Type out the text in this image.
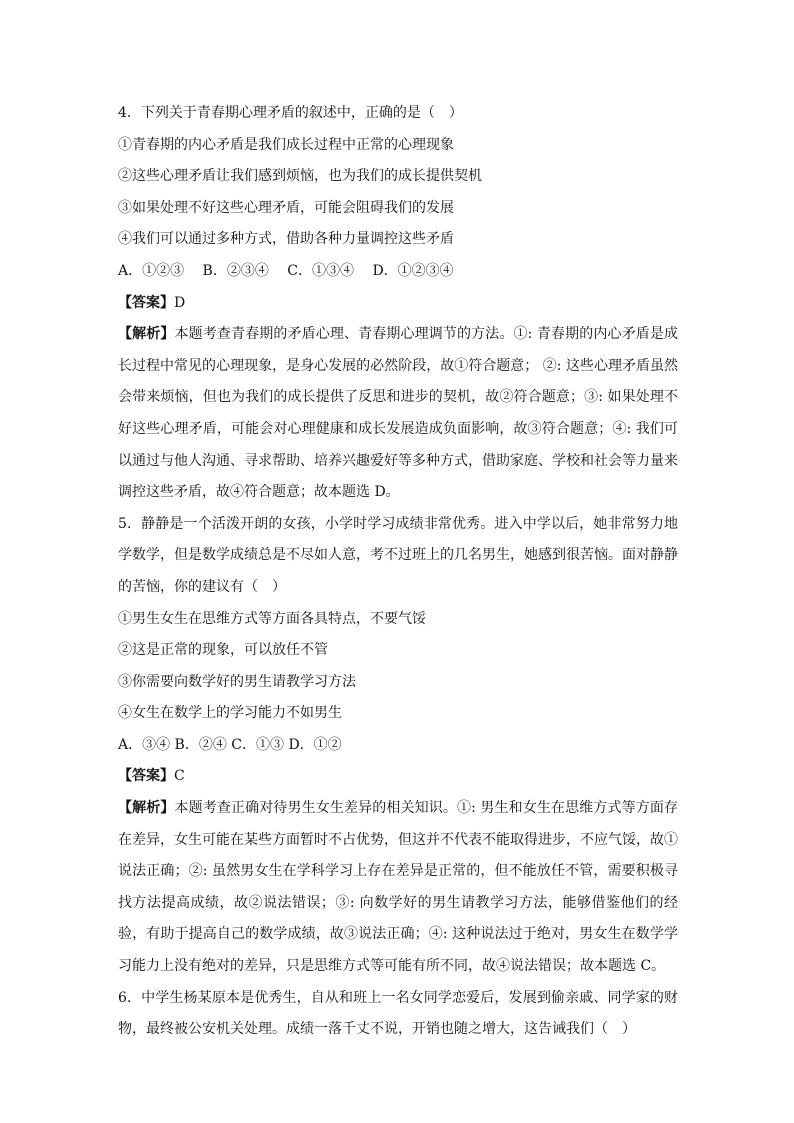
4．下列关于青春期心理矛盾的叙述中，正确的是（　）
①青春期的内心矛盾是我们成长过程中正常的心理现象
②这些心理矛盾让我们感到烦恼，也为我们的成长提供契机
③如果处理不好这些心理矛盾，可能会阻碍我们的发展
④我们可以通过多种方式，借助各种力量调控这些矛盾
A．①②③　 B．②③④　 C．①③④　 D．①②③④
【答案】D
【解析】本题考查青春期的矛盾心理、青春期心理调节的方法。①: 青春期的内心矛盾是成长过程中常见的心理现象，是身心发展的必然阶段，故①符合题意； ②: 这些心理矛盾虽然会带来烦恼，但也为我们的成长提供了反思和进步的契机，故②符合题意；③: 如果处理不好这些心理矛盾，可能会对心理健康和成长发展造成负面影响，故③符合题意；④: 我们可以通过与他人沟通、寻求帮助、培养兴趣爱好等多种方式，借助家庭、学校和社会等力量来调控这些矛盾，故④符合题意；故本题选 D。
5．静静是一个活泼开朗的女孩，小学时学习成绩非常优秀。进入中学以后，她非常努力地学数学，但是数学成绩总是不尽如人意，考不过班上的几名男生，她感到很苦恼。面对静静的苦恼，你的建议有（　）
①男生女生在思维方式等方面各具特点，不要气馁
②这是正常的现象，可以放任不管
③你需要向数学好的男生请教学习方法
④女生在数学上的学习能力不如男生
A．③④ B．②④ C．①③ D．①②
【答案】C
【解析】本题考查正确对待男生女生差异的相关知识。①: 男生和女生在思维方式等方面存在差异，女生可能在某些方面暂时不占优势，但这并不代表不能取得进步，不应气馁，故①说法正确；②: 虽然男女生在学科学习上存在差异是正常的，但不能放任不管，需要积极寻找方法提高成绩，故②说法错误；③: 向数学好的男生请教学习方法，能够借鉴他们的经验，有助于提高自己的数学成绩，故③说法正确；④: 这种说法过于绝对，男女生在数学学习能力上没有绝对的差异，只是思维方式等可能有所不同，故④说法错误；故本题选 C。
6．中学生杨某原本是优秀生，自从和班上一名女同学恋爱后，发展到偷亲戚、同学家的财物，最终被公安机关处理。成绩一落千丈不说，开销也随之增大，这告诫我们（　）
